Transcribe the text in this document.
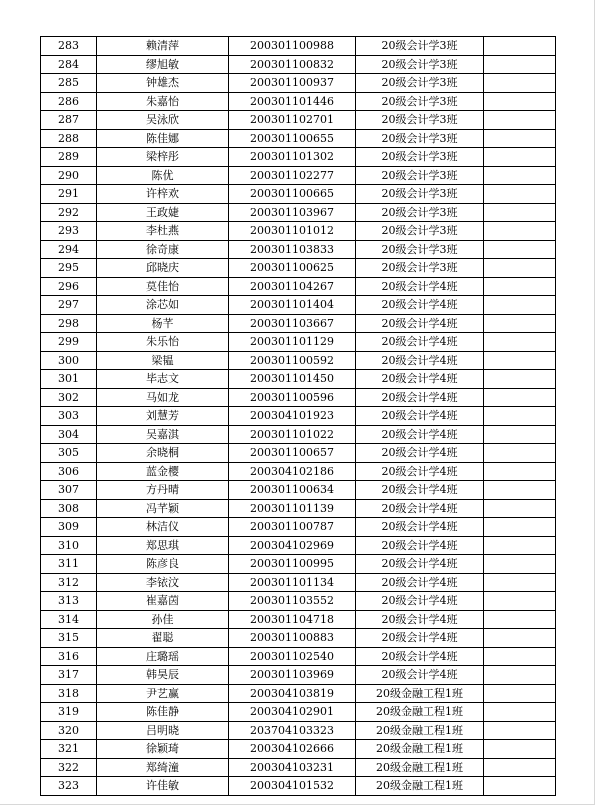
283	赖清萍	200301100988	20级会计学3班	
284	缪旭敏	200301100832	20级会计学3班	
285	钟雄杰	200301100937	20级会计学3班	
286	朱嘉怡	200301101446	20级会计学3班	
287	吴泳欣	200301102701	20级会计学3班	
288	陈佳娜	200301100655	20级会计学3班	
289	梁梓彤	200301101302	20级会计学3班	
290	陈优	200301102277	20级会计学3班	
291	许梓欢	200301100665	20级会计学3班	
292	王政婕	200301103967	20级会计学3班	
293	李杜燕	200301101012	20级会计学3班	
294	徐奇康	200301103833	20级会计学3班	
295	邱晓庆	200301100625	20级会计学3班	
296	莫佳怡	200301104267	20级会计学4班	
297	涂芯如	200301101404	20级会计学4班	
298	杨芊	200301103667	20级会计学4班	
299	朱乐怡	200301101129	20级会计学4班	
300	梁韫	200301100592	20级会计学4班	
301	毕志文	200301101450	20级会计学4班	
302	马如龙	200301100596	20级会计学4班	
303	刘慧芳	200304101923	20级会计学4班	
304	吴嘉淇	200301101022	20级会计学4班	
305	余晓桐	200301100657	20级会计学4班	
306	蓝金樱	200304102186	20级会计学4班	
307	方丹晴	200301100634	20级会计学4班	
308	冯芊颖	200301101139	20级会计学4班	
309	林洁仪	200301100787	20级会计学4班	
310	郑思琪	200304102969	20级会计学4班	
311	陈彦良	200301100995	20级会计学4班	
312	李铱汶	200301101134	20级会计学4班	
313	崔嘉茵	200301103552	20级会计学4班	
314	孙佳	200301104718	20级会计学4班	
315	翟聪	200301100883	20级会计学4班	
316	庄璐瑶	200301102540	20级会计学4班	
317	韩昊辰	200301103969	20级会计学4班	
318	尹艺赢	200304103819	20级金融工程1班	
319	陈佳静	200304102901	20级金融工程1班	
320	吕明晓	203704103323	20级金融工程1班	
321	徐颖琦	200304102666	20级金融工程1班	
322	郑绮潼	200304103231	20级金融工程1班	
323	许佳敏	200304101532	20级金融工程1班	
